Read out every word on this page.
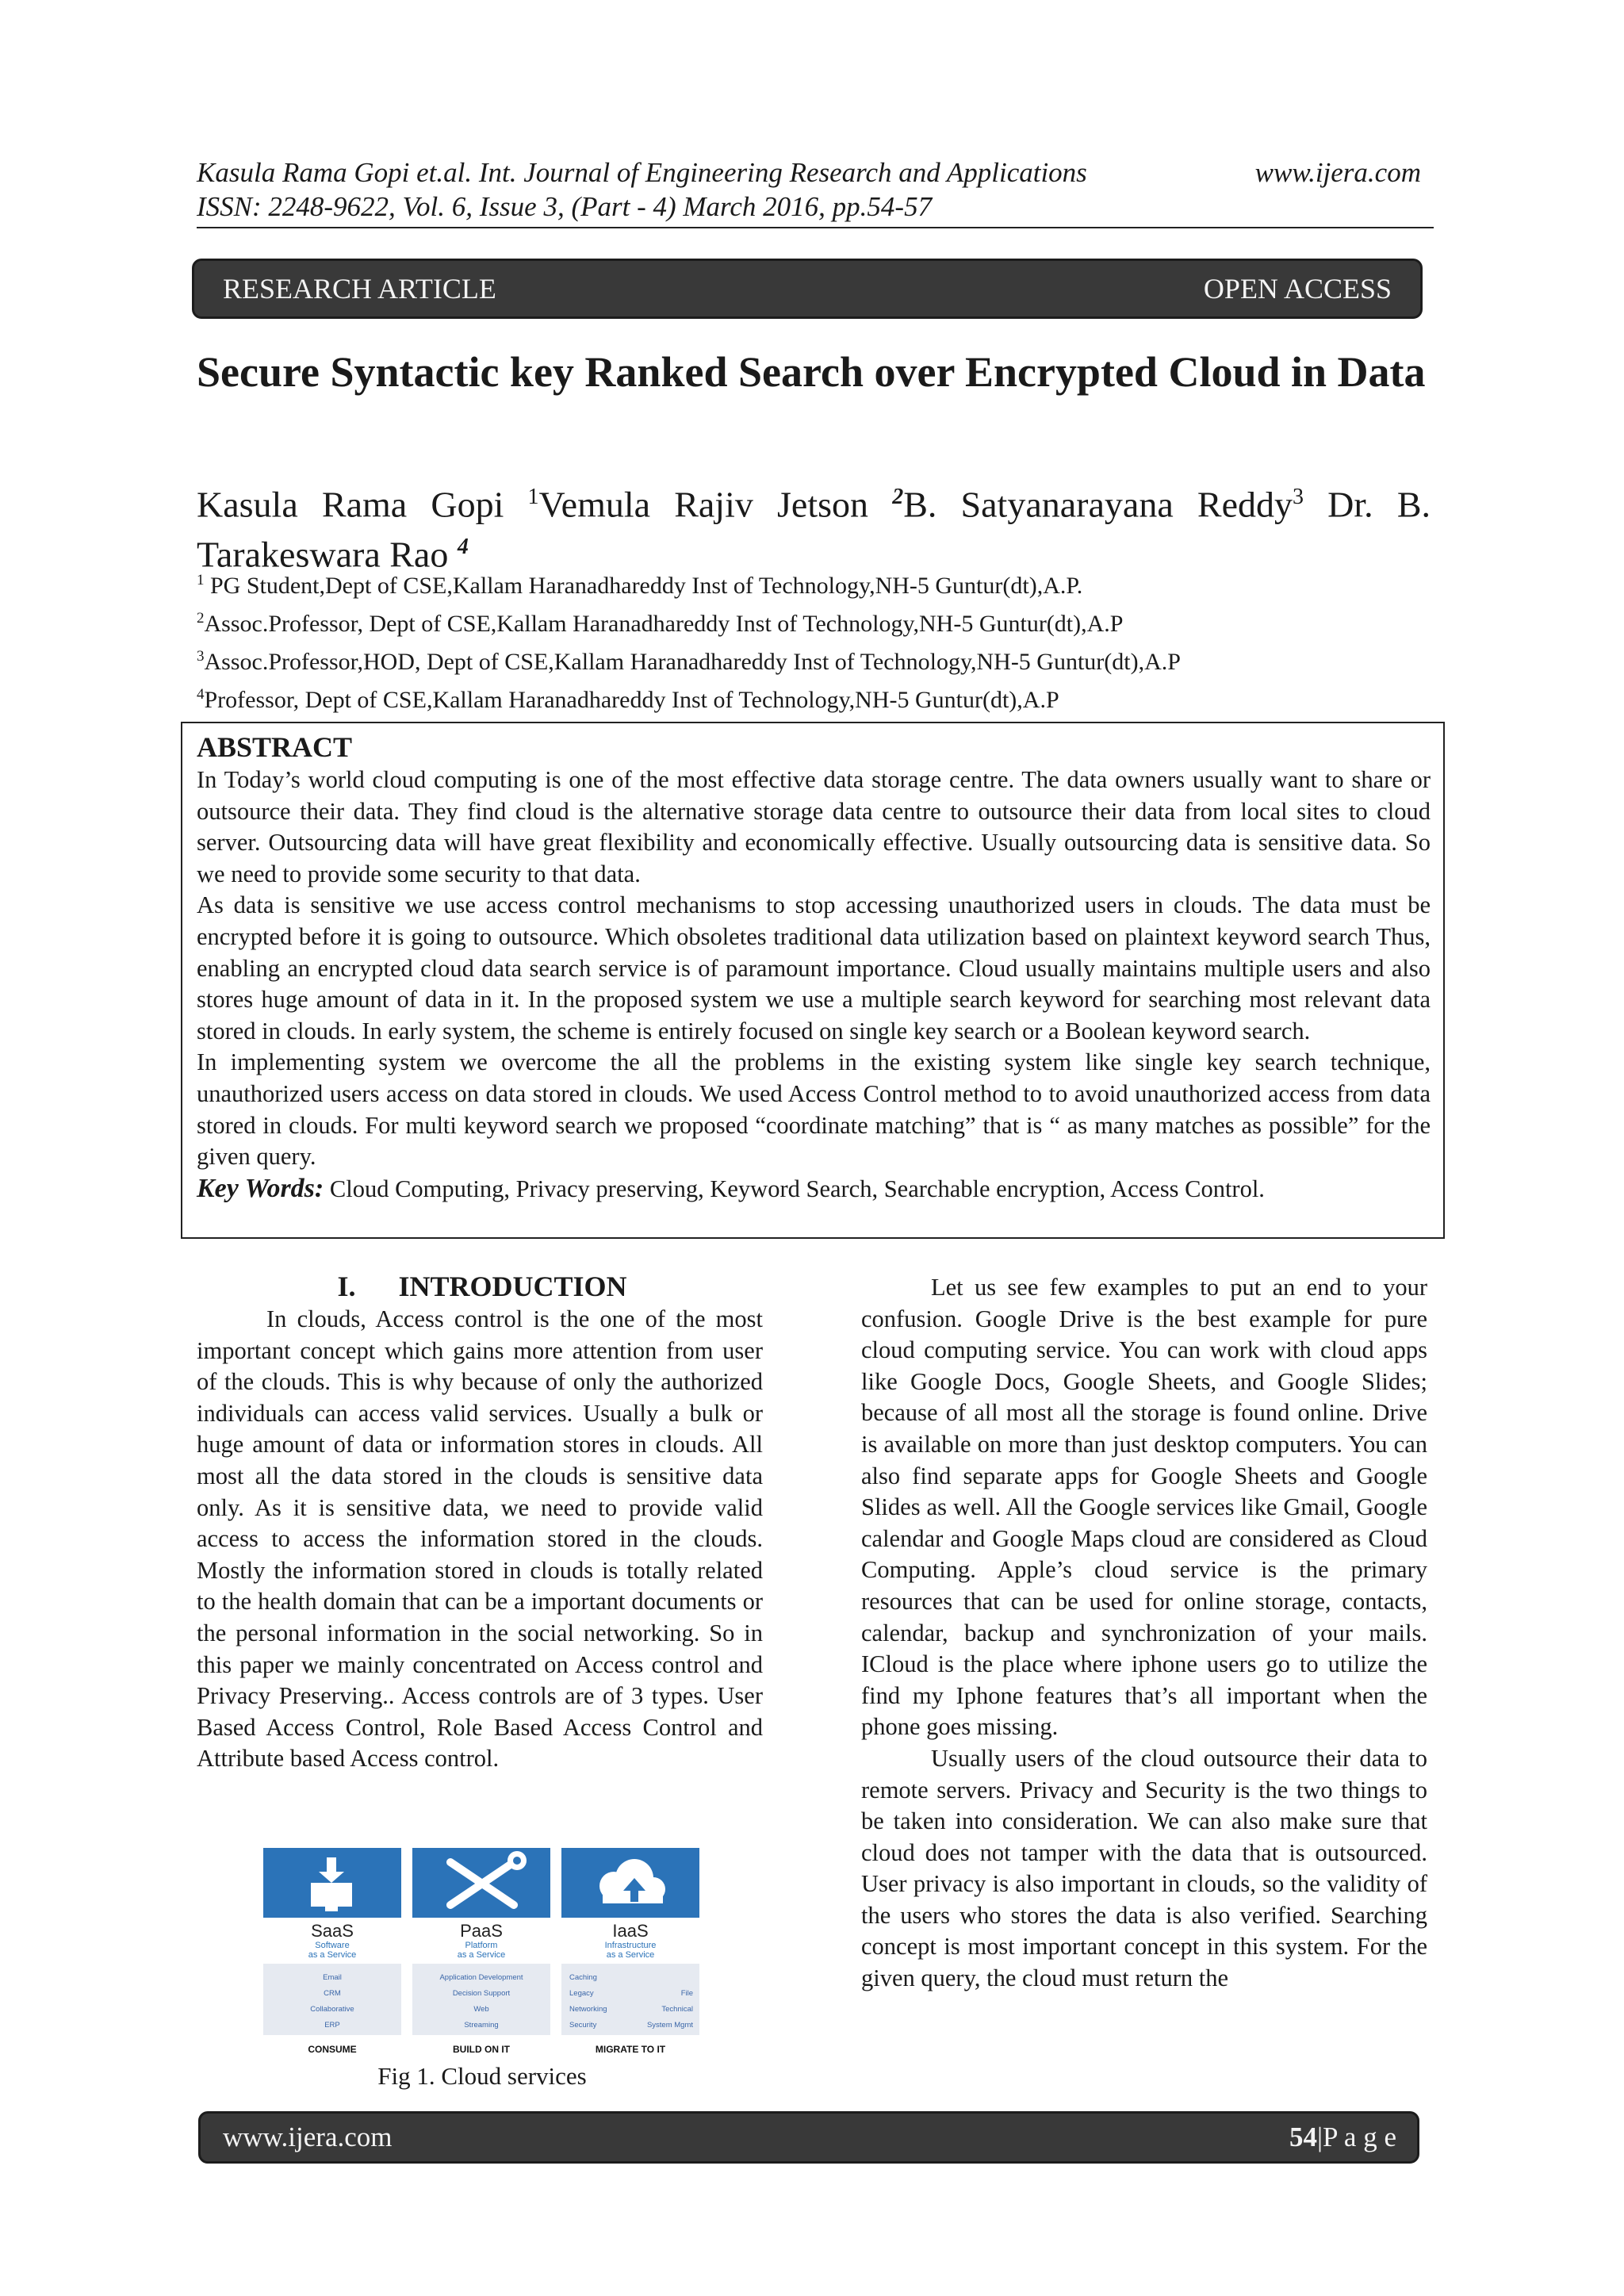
Kasula Rama Gopi et.al. Int. Journal of Engineering Research and Applications	www.ijera.com
ISSN: 2248-9622, Vol. 6, Issue 3, (Part - 4) March 2016, pp.54-57
RESEARCH ARTICLE	OPEN ACCESS
Secure Syntactic key Ranked Search over Encrypted Cloud in Data
Kasula Rama Gopi $^1$Vemula Rajiv Jetson $^2$B. Satyanarayana Reddy$^3$ Dr. B. Tarakeswara Rao $^4$
$^1$ PG Student,Dept of CSE,Kallam Haranadhareddy Inst of Technology,NH-5 Guntur(dt),A.P.
$^2$Assoc.Professor, Dept of CSE,Kallam Haranadhareddy Inst of Technology,NH-5 Guntur(dt),A.P
$^3$Assoc.Professor,HOD, Dept of CSE,Kallam Haranadhareddy Inst of Technology,NH-5 Guntur(dt),A.P
$^4$Professor, Dept of CSE,Kallam Haranadhareddy Inst of Technology,NH-5 Guntur(dt),A.P
ABSTRACT

In Today’s world cloud computing is one of the most effective data storage centre. The data owners usually want to share or outsource their data. They find cloud is the alternative storage data centre to outsource their data from local sites to cloud server. Outsourcing data will have great flexibility and economically effective. Usually outsourcing data is sensitive data. So we need to provide some security to that data.

As data is sensitive we use access control mechanisms to stop accessing unauthorized users in clouds. The data must be encrypted before it is going to outsource. Which obsoletes traditional data utilization based on plaintext keyword search Thus, enabling an encrypted cloud data search service is of paramount importance. Cloud usually maintains multiple users and also stores huge amount of data in it. In the proposed system we use a multiple search keyword for searching most relevant data stored in clouds. In early system, the scheme is entirely focused on single key search or a Boolean keyword search.

In implementing system we overcome the all the problems in the existing system like single key search technique, unauthorized users access on data stored in clouds. We used Access Control method to to avoid unauthorized access from data stored in clouds. For multi keyword search we proposed “coordinate matching” that is “ as many matches as possible” for the given query.

Key Words: Cloud Computing, Privacy preserving, Keyword Search, Searchable encryption, Access Control.

I.      INTRODUCTION

In clouds, Access control is the one of the most important concept which gains more attention from user of the clouds. This is why because of only the authorized individuals can access valid services. Usually a bulk or huge amount of data or information stores in clouds. All most all the data stored in the clouds is sensitive data only. As it is sensitive data, we need to provide valid access to access the information stored in the clouds. Mostly the information stored in clouds is totally related to the health domain that can be a important documents or the personal information in the social networking. So in this paper we mainly concentrated on Access control and Privacy Preserving.. Access controls are of 3 types. User Based Access Control, Role Based Access Control and Attribute based Access control.

SaaS
Software
as a Service
Email
CRM
Collaborative
ERP
CONSUME
PaaS
Platform
as a Service
Application Development
Decision Support
Web
Streaming
BUILD ON IT
IaaS
Infrastructure
as a Service
Caching
Legacy	File
Networking	Technical
Security	System Mgmt
MIGRATE TO IT
Fig 1. Cloud services

Let us see few examples to put an end to your confusion. Google Drive is the best example for pure cloud computing service. You can work with cloud apps like Google Docs, Google Sheets, and Google Slides; because of all most all the storage is found online. Drive is available on more than just desktop computers. You can also find separate apps for Google Sheets and Google Slides as well. All the Google services like Gmail, Google calendar and Google Maps cloud are considered as Cloud Computing. Apple’s cloud service is the primary resources that can be used for online storage, contacts, calendar, backup and synchronization of your mails. ICloud is the place where iphone users go to utilize the find my Iphone features that’s all important when the phone goes missing.

Usually users of the cloud outsource their data to remote servers. Privacy and Security is the two things to be taken into consideration. We can also make sure that cloud does not tamper with the data that is outsourced. User privacy is also important in clouds, so the validity of the users who stores the data is also verified. Searching concept is most important concept in this system. For the given query, the cloud must return the

www.ijera.com	54|P a g e
